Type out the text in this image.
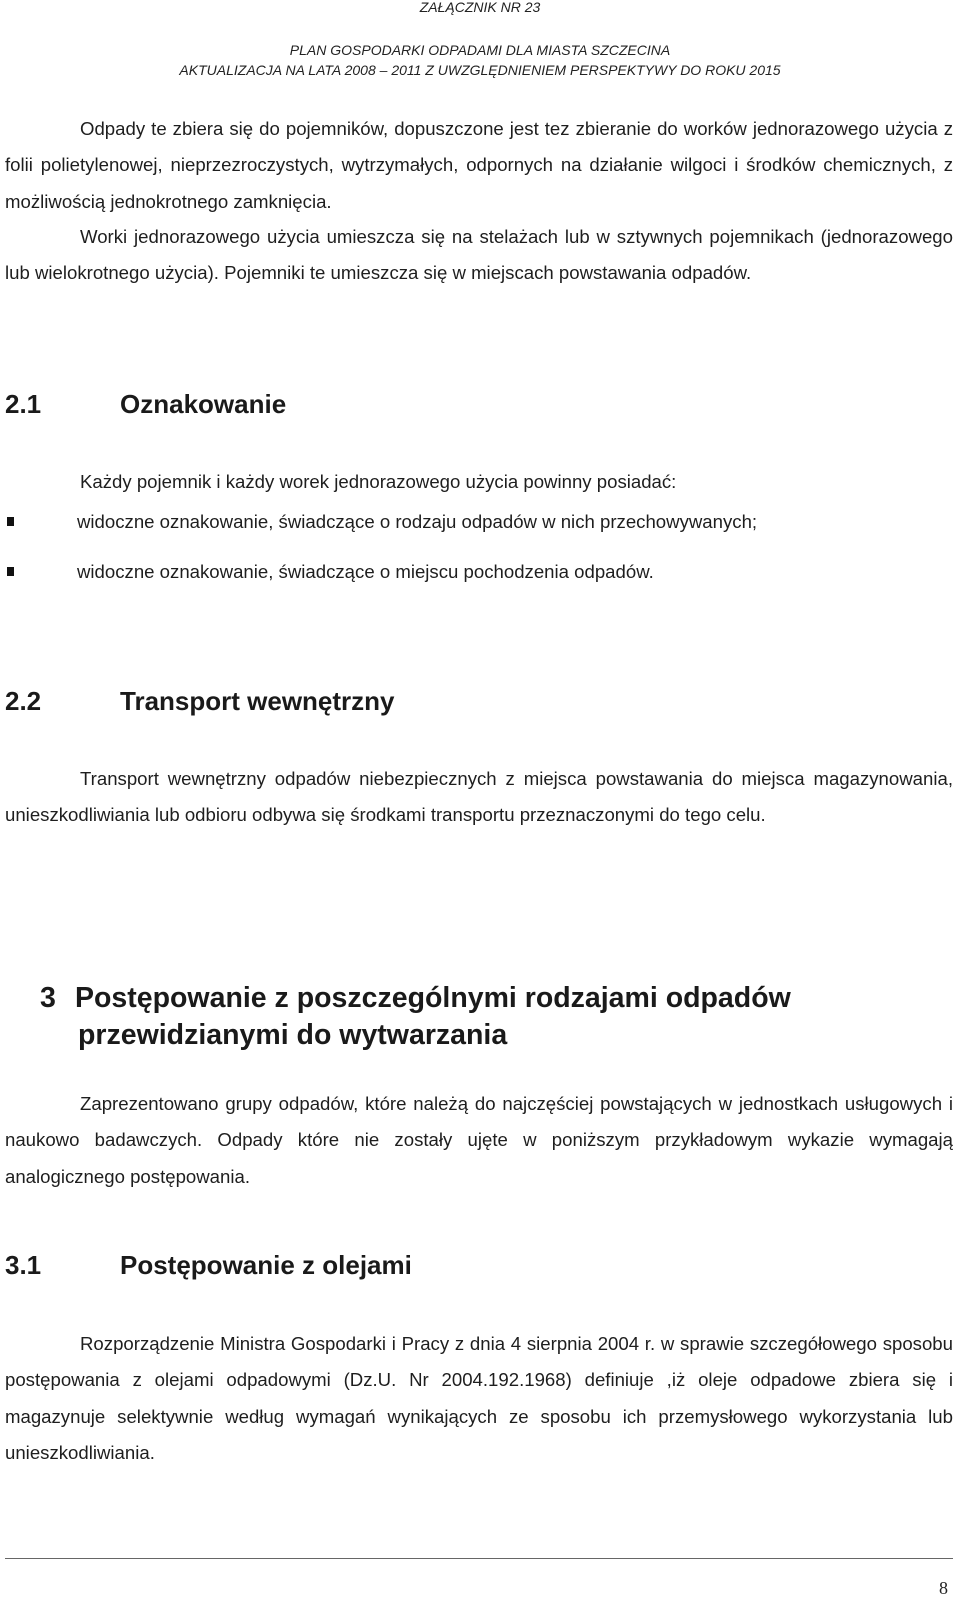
ZAŁĄCZNIK NR 23
PLAN GOSPODARKI ODPADAMI DLA MIASTA SZCZECINA
AKTUALIZACJA NA LATA 2008 – 2011 Z UWZGLĘDNIENIEM PERSPEKTYWY DO ROKU 2015

Odpady te zbiera się do pojemników, dopuszczone jest tez zbieranie do worków jednorazowego użycia z folii polietylenowej, nieprzezroczystych, wytrzymałych, odpornych na działanie wilgoci i środków chemicznych, z możliwością jednokrotnego zamknięcia.

Worki jednorazowego użycia umieszcza się na stelażach lub w sztywnych pojemnikach (jednorazowego lub wielokrotnego użycia). Pojemniki te umieszcza się w miejscach powstawania odpadów.

2.1	Oznakowanie

Każdy pojemnik i każdy worek jednorazowego użycia powinny posiadać:

widoczne oznakowanie, świadczące o rodzaju odpadów w nich przechowywanych;
widoczne oznakowanie, świadczące o miejscu pochodzenia odpadów.
2.2	Transport wewnętrzny

Transport wewnętrzny odpadów niebezpiecznych z miejsca powstawania do miejsca magazynowania, unieszkodliwiania lub odbioru odbywa się środkami transportu przeznaczonymi do tego celu.

3 Postępowanie z poszczególnymi rodzajami odpadów
przewidzianymi do wytwarzania

Zaprezentowano grupy odpadów, które należą do najczęściej powstających w jednostkach usługowych i naukowo badawczych. Odpady które nie zostały ujęte w poniższym przykładowym wykazie wymagają analogicznego postępowania.

3.1	Postępowanie z olejami

Rozporządzenie Ministra Gospodarki i Pracy z dnia 4 sierpnia 2004 r. w sprawie szczegółowego sposobu postępowania z olejami odpadowymi (Dz.U. Nr 2004.192.1968) definiuje ,iż oleje odpadowe zbiera się i magazynuje selektywnie według wymagań wynikających ze sposobu ich przemysłowego wykorzystania lub unieszkodliwiania.

8
